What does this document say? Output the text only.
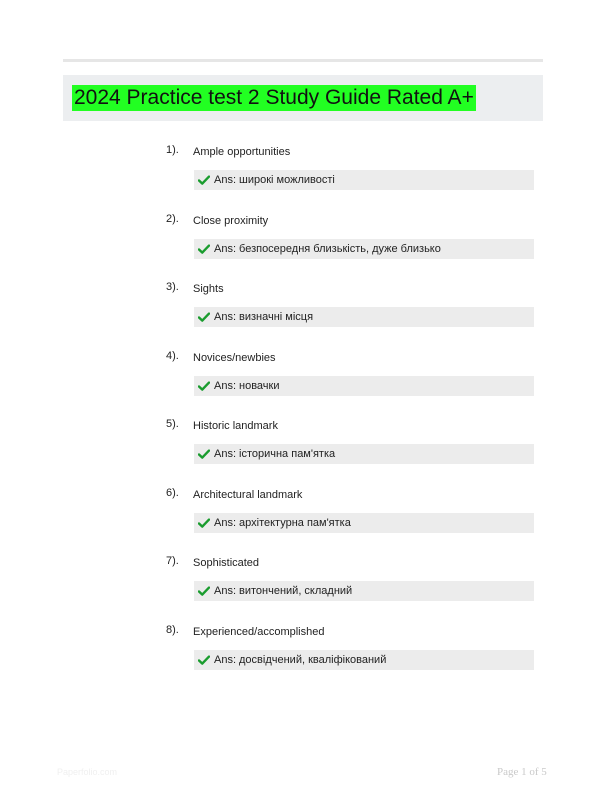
2024 Practice test 2 Study Guide Rated A+
1). Ample opportunities
Ans: широкі можливості
2). Close proximity
Ans: безпосередня близькість, дуже близько
3). Sights
Ans: визначні місця
4). Novices/newbies
Ans: новачки
5). Historic landmark
Ans: історична пам'ятка
6). Architectural landmark
Ans: архітектурна пам'ятка
7). Sophisticated
Ans: витончений, складний
8). Experienced/accomplished
Ans: досвідчений, кваліфікований
Paperfolio.com	Page 1 of 5
